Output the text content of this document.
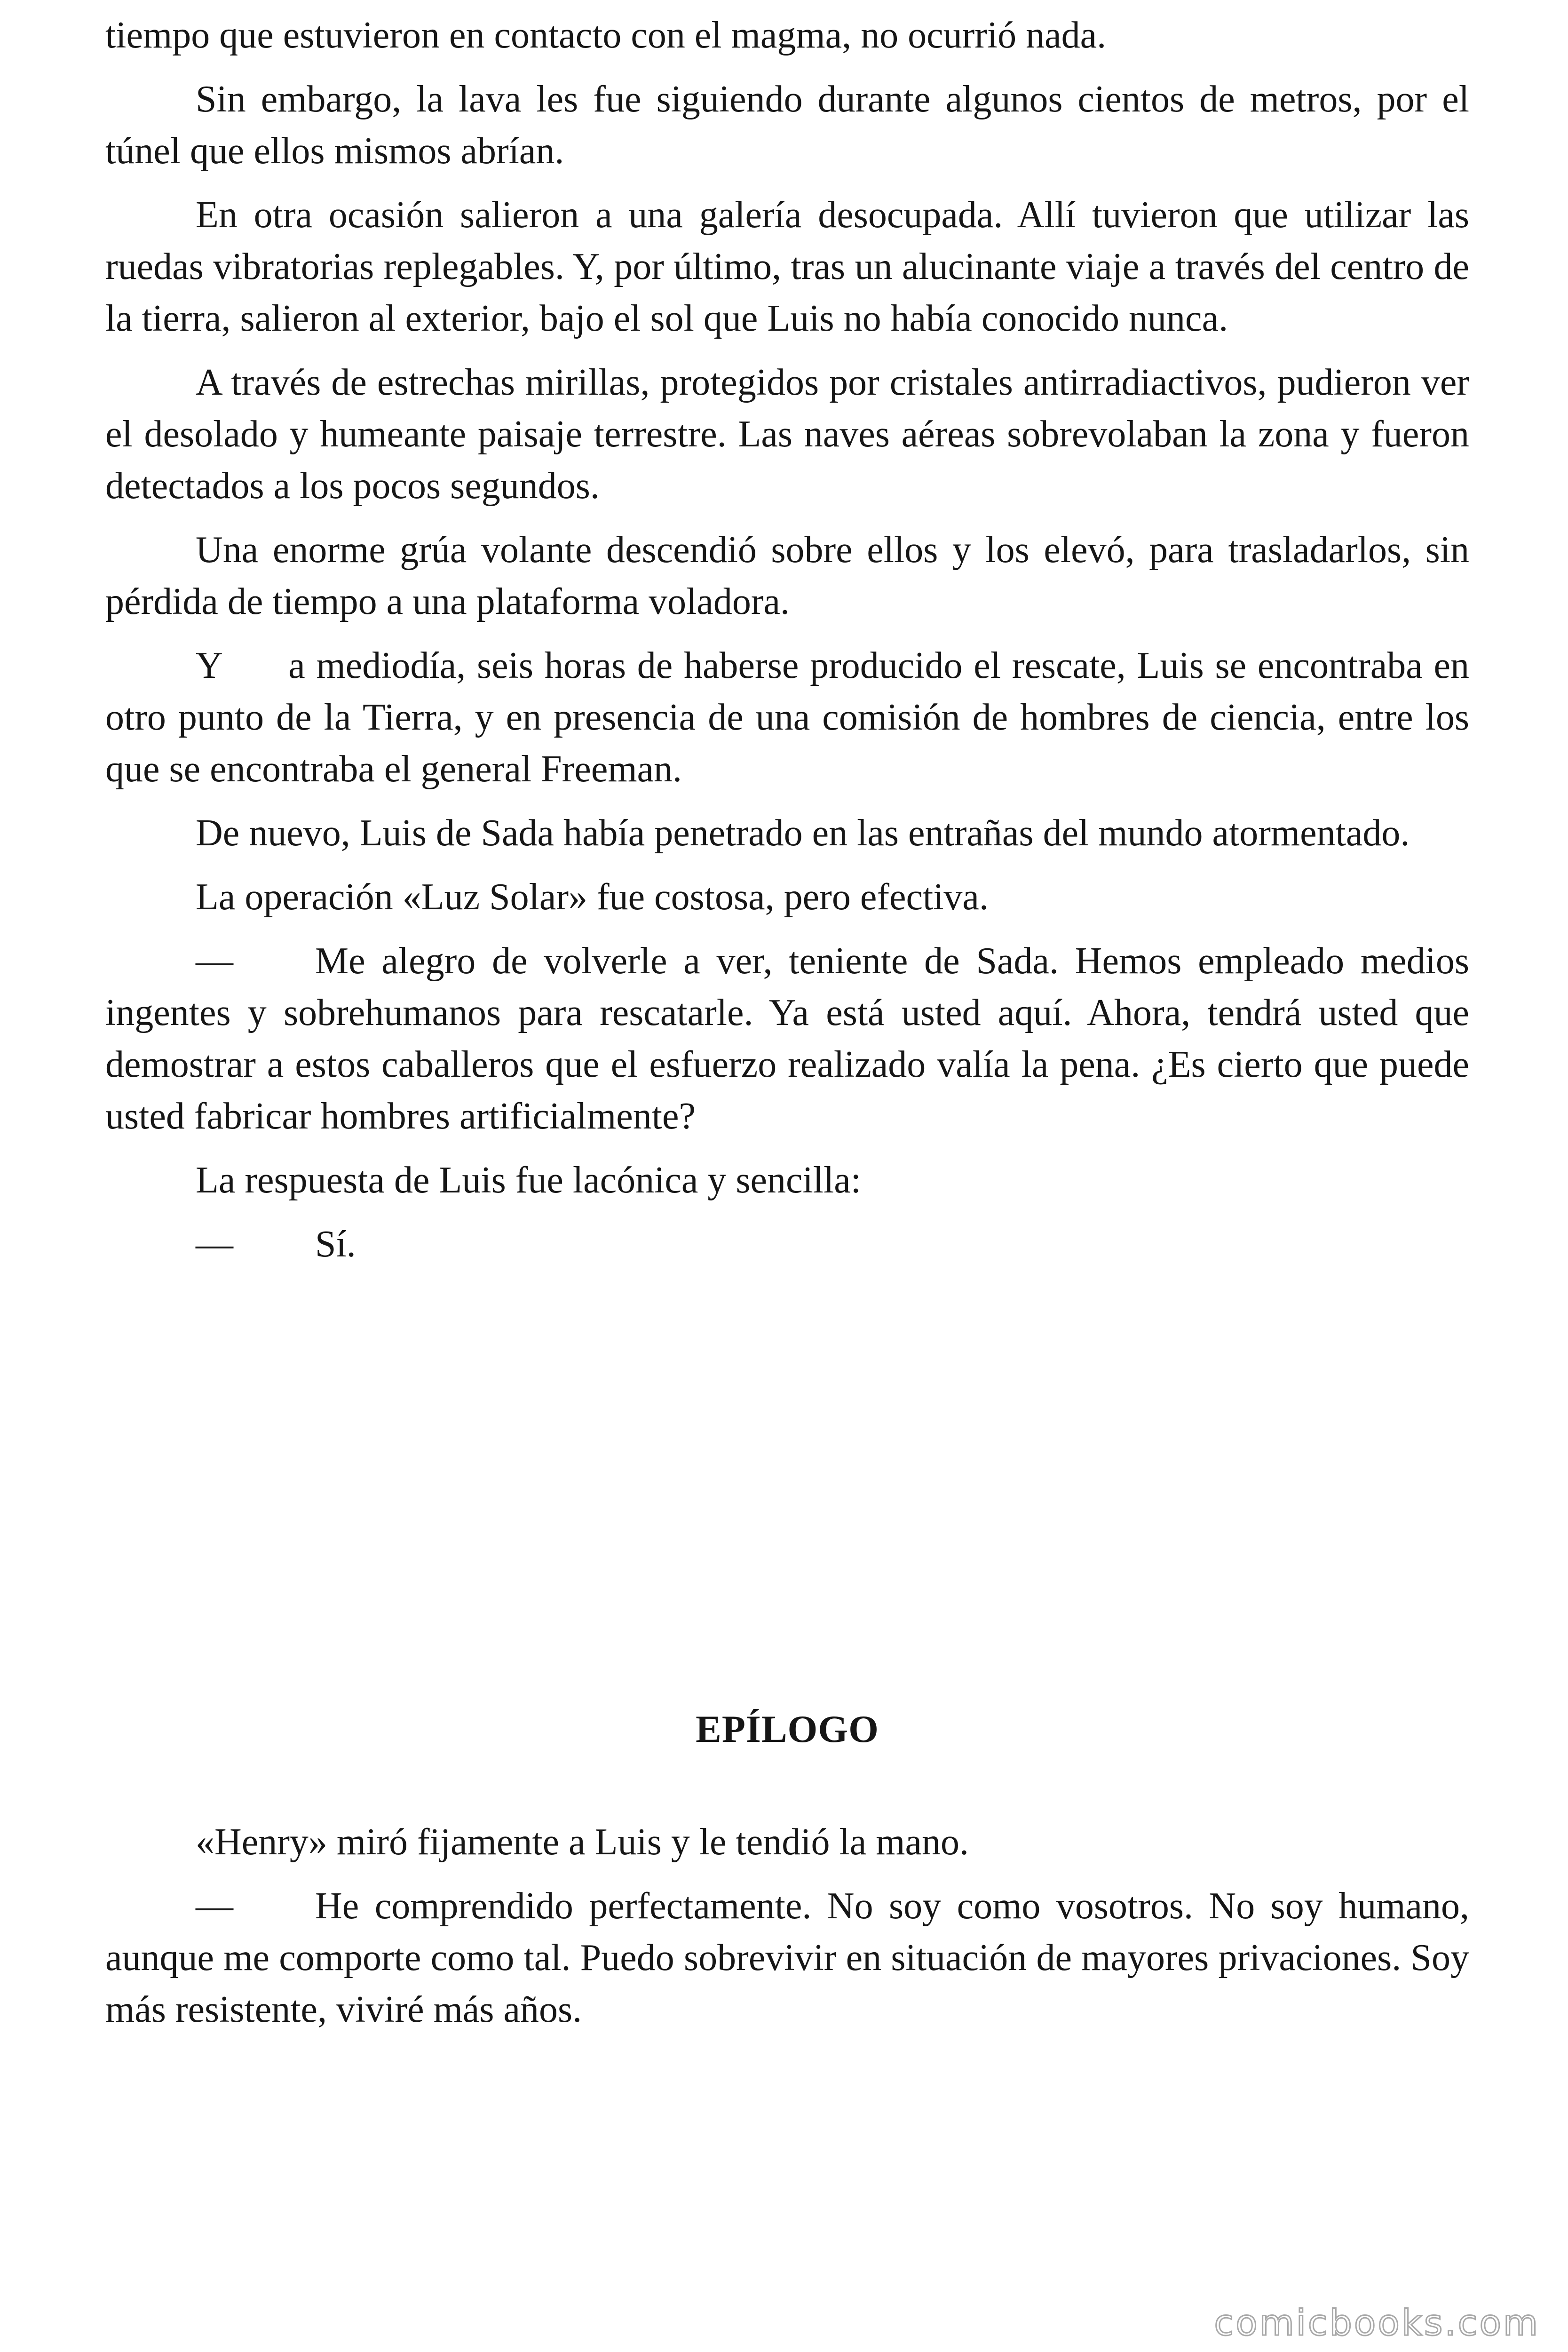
tiempo que estuvieron en contacto con el magma, no ocurrió nada.

Sin embargo, la lava les fue siguiendo durante algunos cientos de metros, por el túnel que ellos mismos abrían.

En otra ocasión salieron a una galería desocupada. Allí tuvieron que utilizar las ruedas vibratorias replegables. Y, por último, tras un alucinante viaje a través del centro de la tierra, salieron al exterior, bajo el sol que Luis no había conocido nunca.

A través de estrechas mirillas, protegidos por cristales antirradiactivos, pudieron ver el desolado y humeante paisaje terrestre. Las naves aéreas sobrevolaban la zona y fueron detectados a los pocos segundos.

Una enorme grúa volante descendió sobre ellos y los elevó, para trasladarlos, sin pérdida de tiempo a una plataforma voladora.

Y      a mediodía, seis horas de haberse producido el rescate, Luis se encontraba en otro punto de la Tierra, y en presencia de una comisión de hombres de ciencia, entre los que se encontraba el general Freeman.

De nuevo, Luis de Sada había penetrado en las entrañas del mundo atormentado.

La operación «Luz Solar» fue costosa, pero efectiva.

— Me alegro de volverle a ver, teniente de Sada. Hemos empleado medios ingentes y sobrehumanos para rescatarle. Ya está usted aquí. Ahora, tendrá usted que demostrar a estos caballeros que el esfuerzo realizado valía la pena. ¿Es cierto que puede usted fabricar hombres artificialmente?

La respuesta de Luis fue lacónica y sencilla:

— Sí.

EPÍLOGO

«Henry» miró fijamente a Luis y le tendió la mano.

— He comprendido perfectamente. No soy como vosotros. No soy humano, aunque me comporte como tal. Puedo sobrevivir en situación de mayores privaciones. Soy más resistente, viviré más años.

comicbooks.com
